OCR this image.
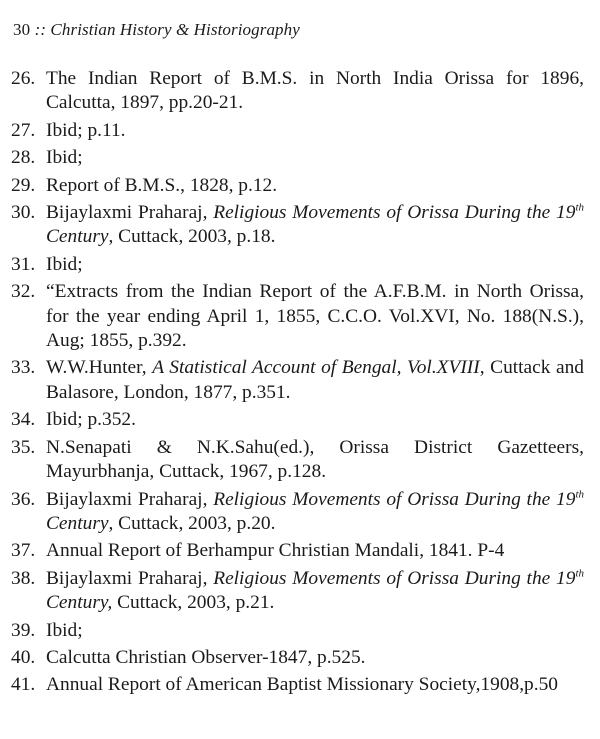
30 :: Christian History & Historiography
26. The Indian Report of B.M.S. in North India Orissa for 1896, Calcutta, 1897, pp.20-21.
27. Ibid; p.11.
28. Ibid;
29. Report of B.M.S., 1828, p.12.
30. Bijaylaxmi Praharaj, Religious Movements of Orissa During the 19th Century, Cuttack, 2003, p.18.
31. Ibid;
32. “Extracts from the Indian Report of the A.F.B.M. in North Orissa, for the year ending April 1, 1855, C.C.O. Vol.XVI, No. 188(N.S.), Aug; 1855, p.392.
33. W.W.Hunter, A Statistical Account of Bengal, Vol.XVIII, Cuttack and Balasore, London, 1877, p.351.
34. Ibid; p.352.
35. N.Senapati & N.K.Sahu(ed.), Orissa District Gazetteers, Mayurbhanja, Cuttack, 1967, p.128.
36. Bijaylaxmi Praharaj, Religious Movements of Orissa During the 19th Century, Cuttack, 2003, p.20.
37. Annual Report of Berhampur Christian Mandali, 1841. P-4
38. Bijaylaxmi Praharaj, Religious Movements of Orissa During the 19th Century, Cuttack, 2003, p.21.
39. Ibid;
40. Calcutta Christian Observer-1847, p.525.
41. Annual Report of American Baptist Missionary Society,1908,p.50
